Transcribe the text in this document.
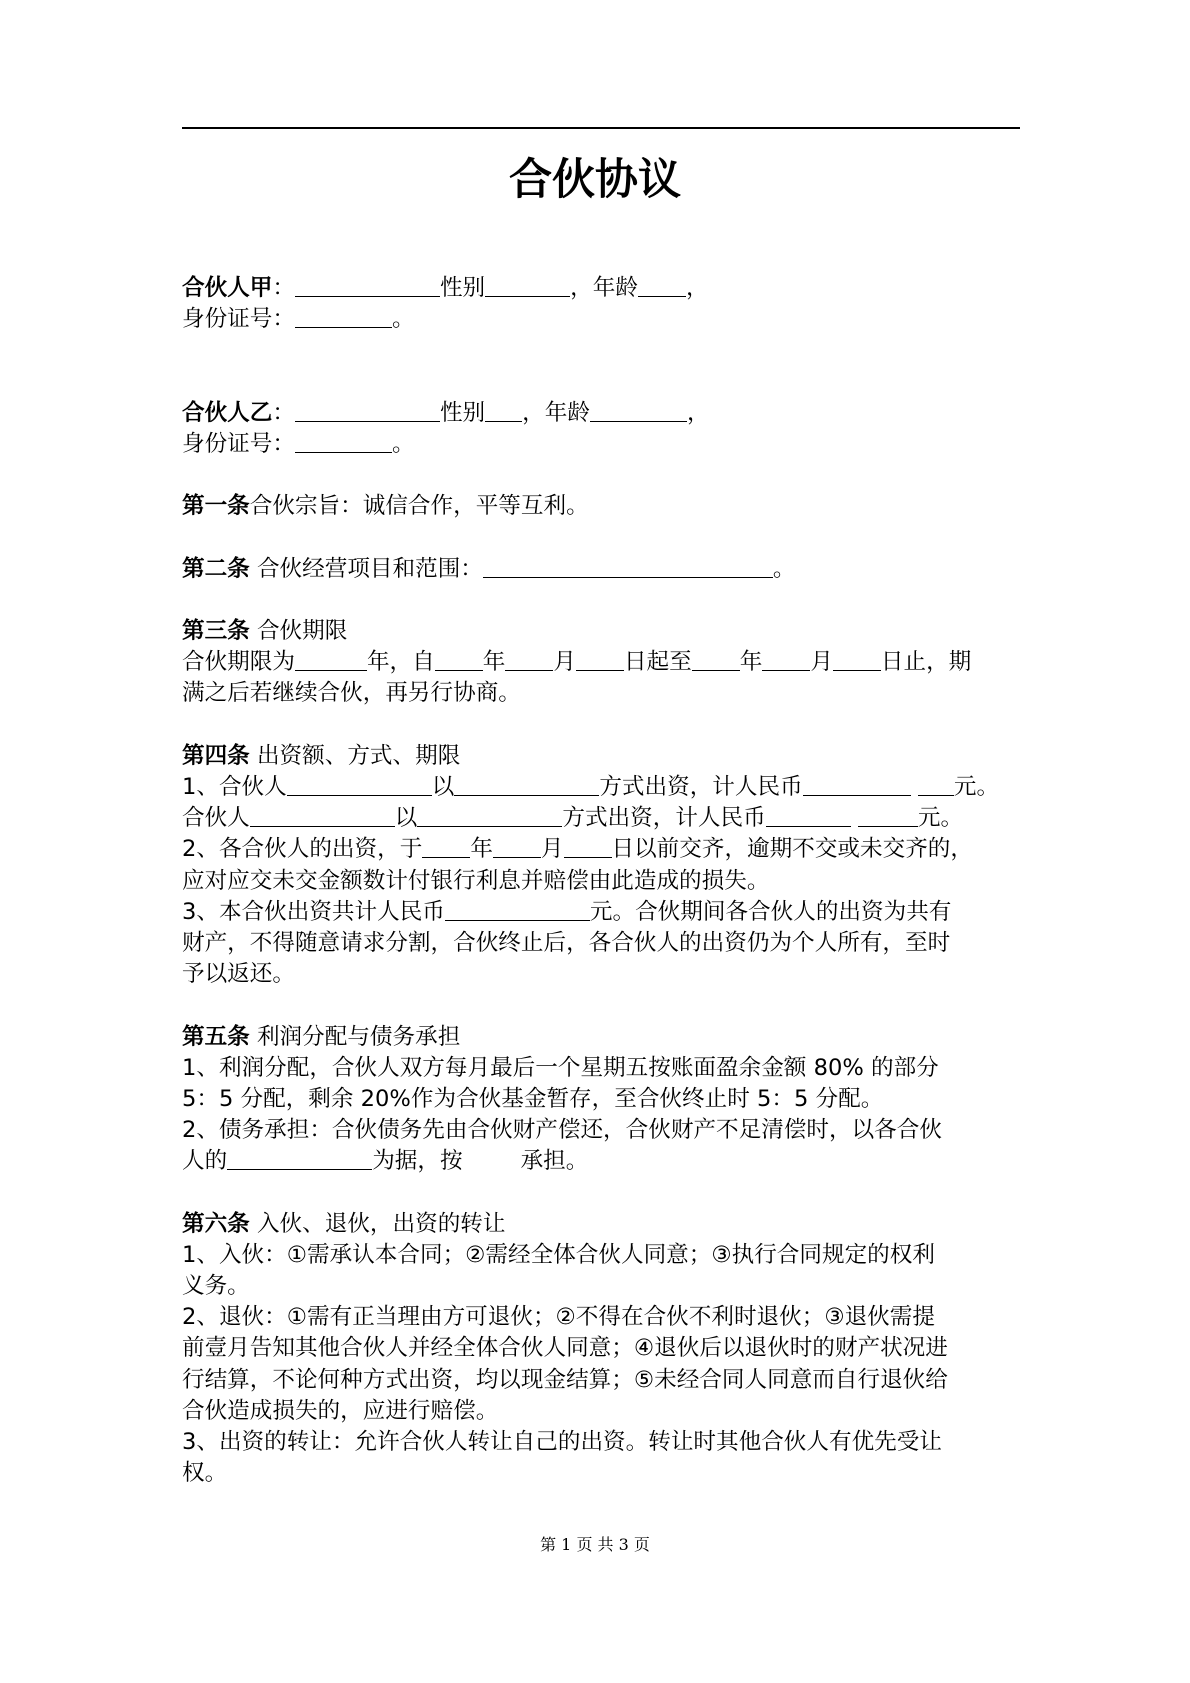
合伙协议
合伙人甲：	性别	，年龄 ，
身份证号：	。
合伙人乙：	性别 ，年龄	，
身份证号：	。
第一条合伙宗旨：诚信合作，平等互利。
第二条 合伙经营项目和范围：	。
第三条 合伙期限
合伙期限为	年，自 年 月 日起至 年 月 日止，期
满之后若继续合伙，再另行协商。
第四条 出资额、方式、期限
1、合伙人	以	方式出资，计人民币	元。
合伙人	以	方式出资，计人民币	元。
2、各合伙人的出资，于 年 月 日以前交齐，逾期不交或未交齐的，
应对应交未交金额数计付银行利息并赔偿由此造成的损失。
3、本合伙出资共计人民币	元。合伙期间各合伙人的出资为共有
财产，不得随意请求分割，合伙终止后，各合伙人的出资仍为个人所有，至时
予以返还。
第五条 利润分配与债务承担
1、利润分配，合伙人双方每月最后一个星期五按账面盈余金额 80% 的部分
5：5 分配，剩余 20%作为合伙基金暂存，至合伙终止时 5：5 分配。
2、债务承担：合伙债务先由合伙财产偿还，合伙财产不足清偿时，以各合伙
人的	为据，按	承担。
第六条 入伙、退伙，出资的转让
1、入伙：①需承认本合同；②需经全体合伙人同意；③执行合同规定的权利
义务。
2、退伙：①需有正当理由方可退伙；②不得在合伙不利时退伙；③退伙需提
前壹月告知其他合伙人并经全体合伙人同意；④退伙后以退伙时的财产状况进
行结算，不论何种方式出资，均以现金结算；⑤未经合同人同意而自行退伙给
合伙造成损失的，应进行赔偿。
3、出资的转让：允许合伙人转让自己的出资。转让时其他合伙人有优先受让
权。
第 1 页 共 3 页
